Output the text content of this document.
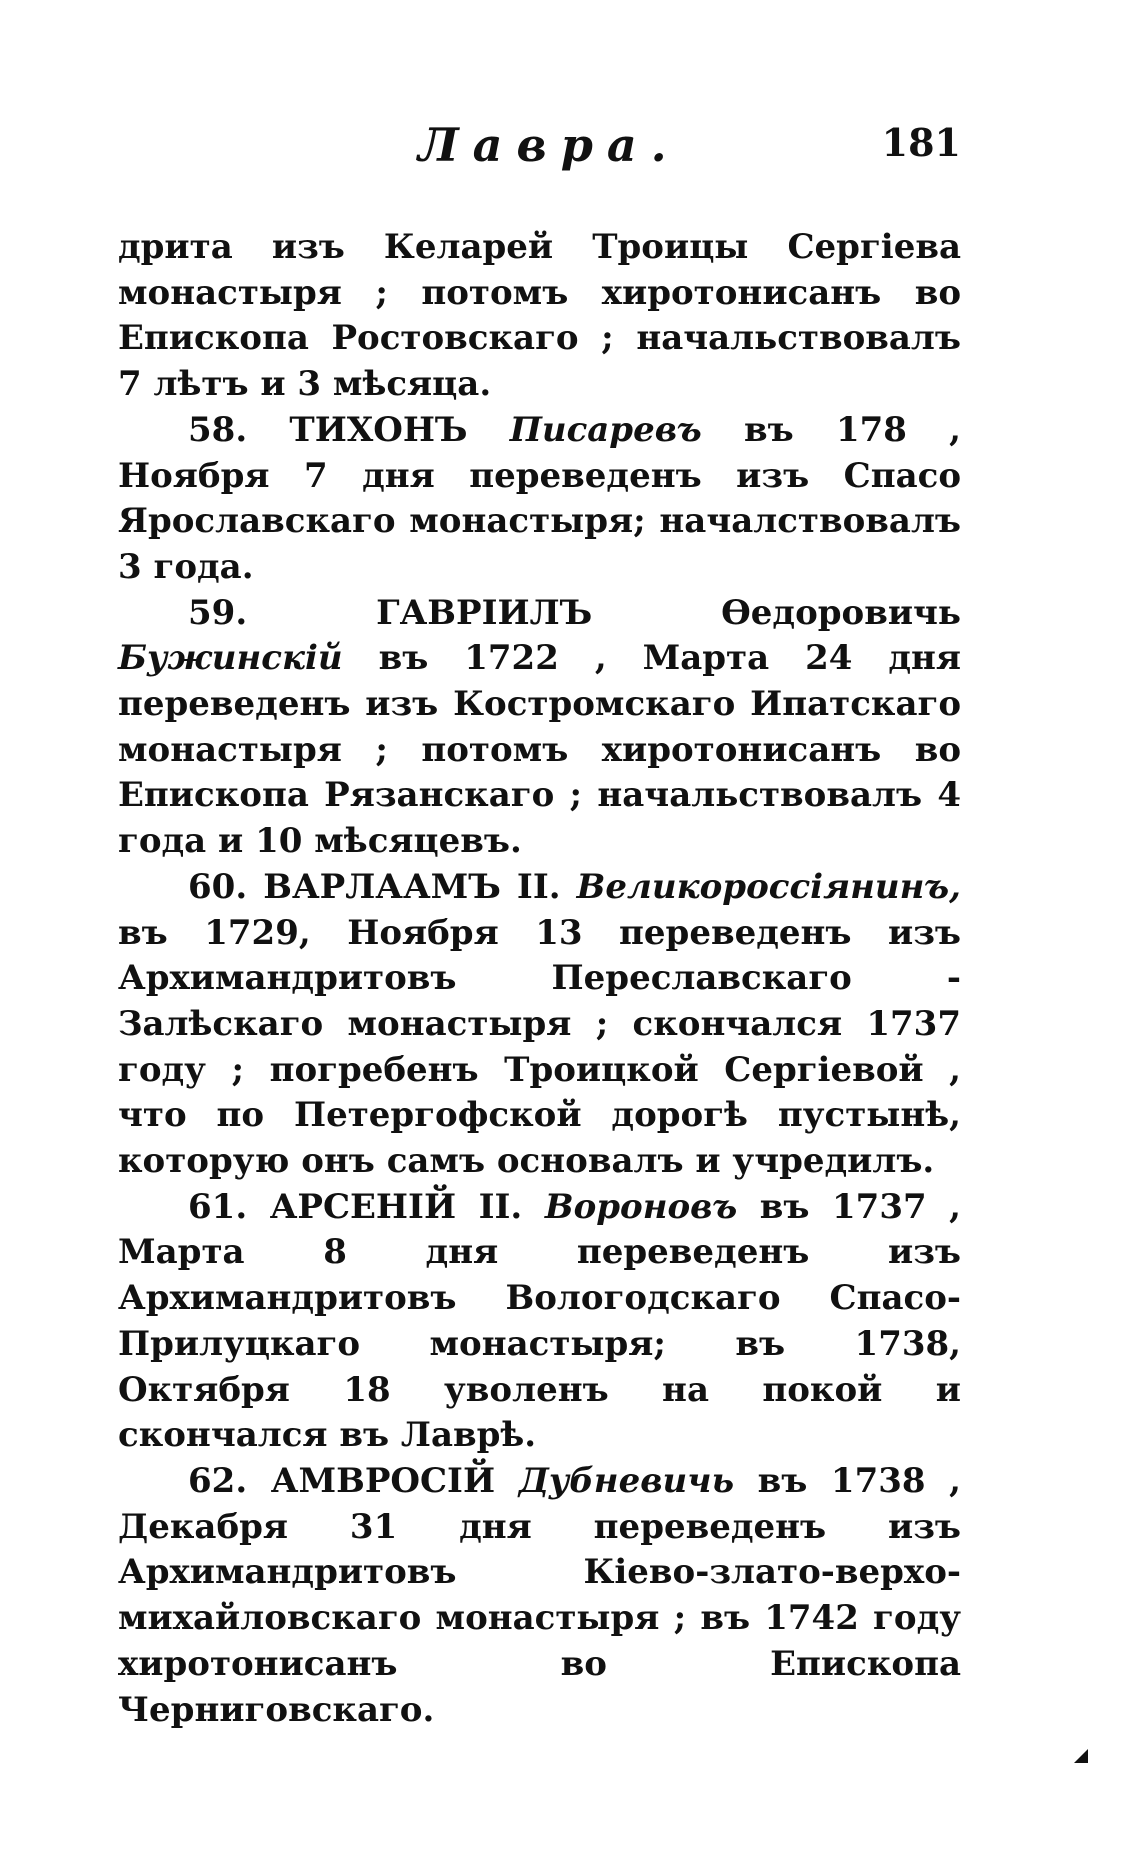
Лавра.	181

дрита изъ Келарей Троицы Сергiева монастыря ; потомъ хиротонисанъ во Епископа Ростовскаго ; начальствовалъ 7 лѣтъ и 3 мѣсяца.

58. ТИХОНЪ Писаревъ въ 178 , Ноября 7 дня переведенъ изъ Спасо Ярославскаго монастыря; началствовалъ 3 года.

59.	ГАВРIИЛЪ Өедоровичь Бужинскiй въ 1722 , Марта 24 дня переведенъ изъ Костромскаго Ипатскаго монастыря ; потомъ хиротонисанъ во Епископа Рязанскаго ; начальствовалъ 4 года и 10 мѣсяцевъ.

60. ВАРЛААМЪ II. Великороссiянинъ, въ 1729, Ноября 13 переведенъ изъ Архимандритовъ Переславскаго - Залѣскаго монастыря ; скончался 1737 году ; погребенъ Троицкой Сергiевой , что по Петергофской дорогѣ пустынѣ, которую онъ самъ основалъ и учредилъ.

61. АРСЕНIЙ II. Вороновъ въ 1737 , Марта 8 дня переведенъ изъ Архимандритовъ Вологодскаго Спасо-Прилуцкаго монастыря; въ 1738, Октября 18 уволенъ на покой и скончался въ Лаврѣ.

62. АМВРОСIЙ Дубневичь въ 1738 , Декабря 31 дня переведенъ изъ Архимандритовъ Кiево-злато-верхо-михайловскаго монастыря ; въ 1742 году хиротонисанъ во Епископа Черниговскаго.
